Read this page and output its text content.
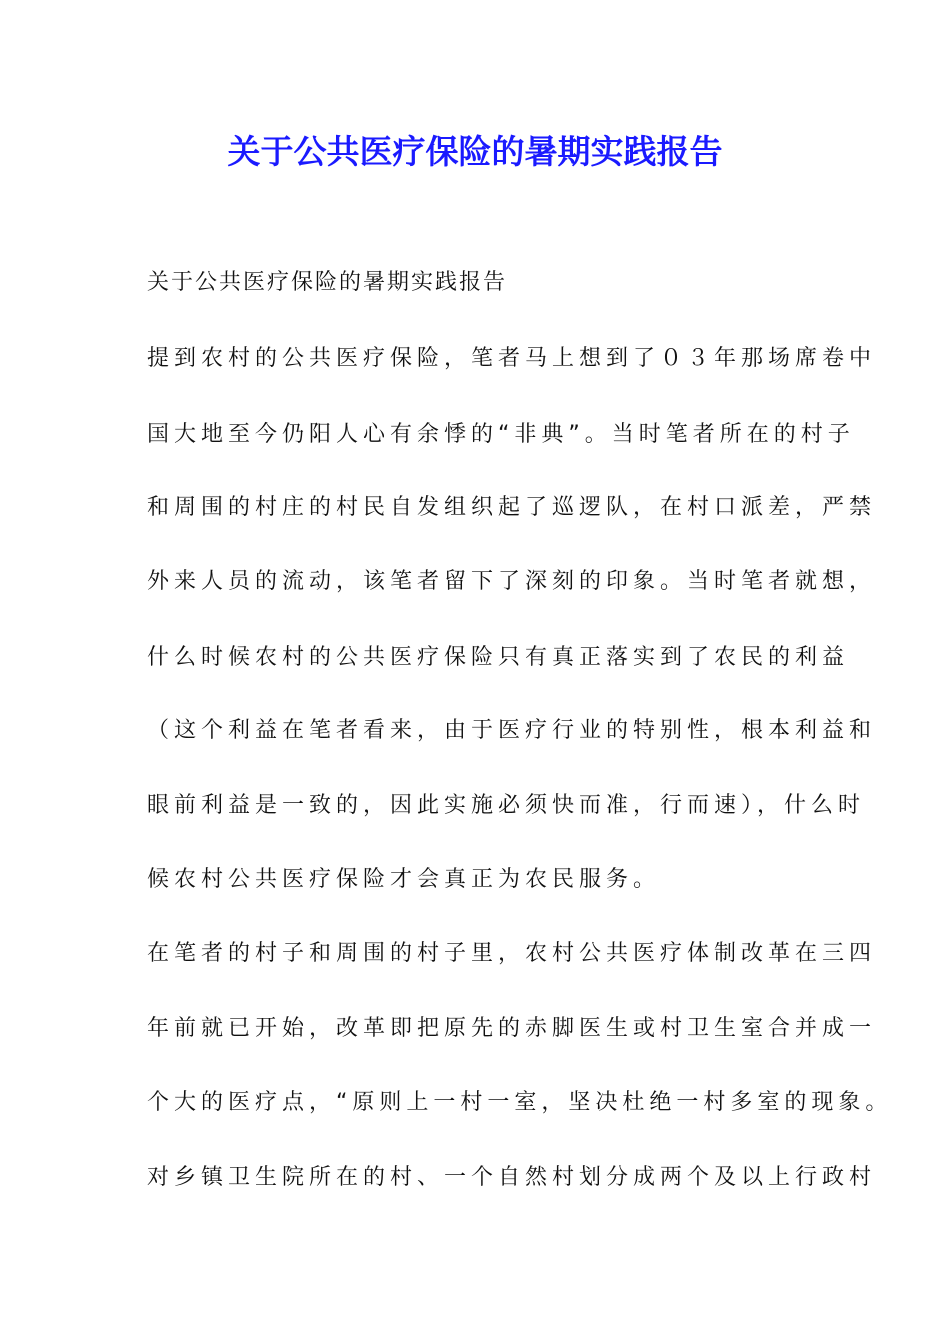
关于公共医疗保险的暑期实践报告
关于公共医疗保险的暑期实践报告
提到农村的公共医疗保险，笔者马上想到了０３年那场席卷中
国大地至今仍阳人心有余悸的“非典”。当时笔者所在的村子
和周围的村庄的村民自发组织起了巡逻队，在村口派差，严禁
外来人员的流动，该笔者留下了深刻的印象。当时笔者就想，
什么时候农村的公共医疗保险只有真正落实到了农民的利益
（这个利益在笔者看来，由于医疗行业的特别性，根本利益和
眼前利益是一致的，因此实施必须快而准，行而速），什么时
候农村公共医疗保险才会真正为农民服务。
在笔者的村子和周围的村子里，农村公共医疗体制改革在三四
年前就已开始，改革即把原先的赤脚医生或村卫生室合并成一
个大的医疗点，“原则上一村一室，坚决杜绝一村多室的现象。
对乡镇卫生院所在的村、一个自然村划分成两个及以上行政村
